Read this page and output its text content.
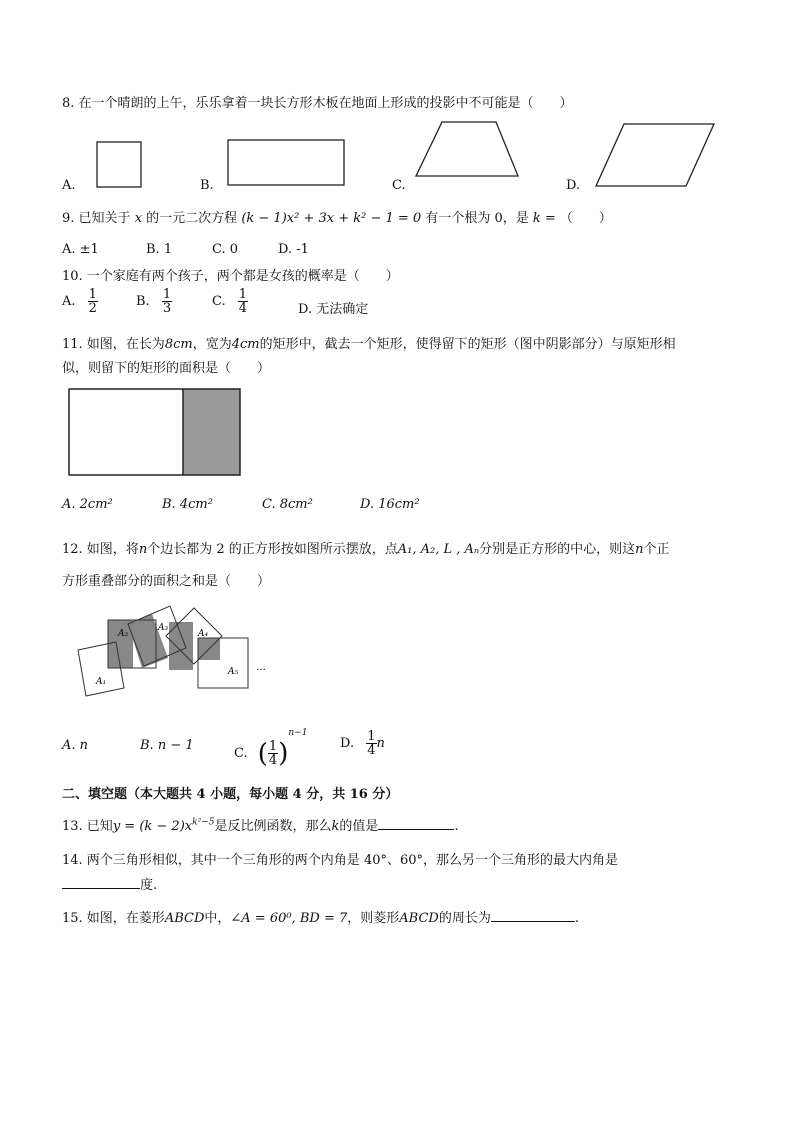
8. 在一个晴朗的上午，乐乐拿着一块长方形木板在地面上形成的投影中不可能是（　　）
A.	B.	C.	D.
9. 已知关于 x 的一元二次方程 (k − 1)x² + 3x + k² − 1 = 0 有一个根为 0，是 k = （　　）
A. ±1	B. 1	C. 0	D. -1
10. 一个家庭有两个孩子，两个都是女孩的概率是（　　）
A. $\frac{1}{2}$	B. $\frac{1}{3}$	C. $\frac{1}{4}$	D. 无法确定
11. 如图，在长为8cm，宽为4cm的矩形中，截去一个矩形，使得留下的矩形（图中阴影部分）与原矩形相
似，则留下的矩形的面积是（　　）
A. 2cm²	B. 4cm²	C. 8cm²	D. 16cm²
12. 如图，将n个边长都为 2 的正方形按如图所示摆放，点A₁, A₂, L , Aₙ分别是正方形的中心，则这n个正
方形重叠部分的面积之和是（　　）
A₂
A₃
A₄
A₁
A₅ …
A. n	B. n − 1
C. ( $\frac{1}{4} )^{n-1}$
D. $\frac{1}{4}$ n
二、填空题（本大题共 4 小题，每小题 4 分，共 16 分）
13. 已知$y = (k - 2)x^{k^2-5}$是反比例函数，那么k的值是	.
14. 两个三角形相似，其中一个三角形的两个内角是 40°、60°，那么另一个三角形的最大内角是
度.
15. 如图，在菱形ABCD中，∠A = 60⁰, BD = 7，则菱形ABCD的周长为	.
